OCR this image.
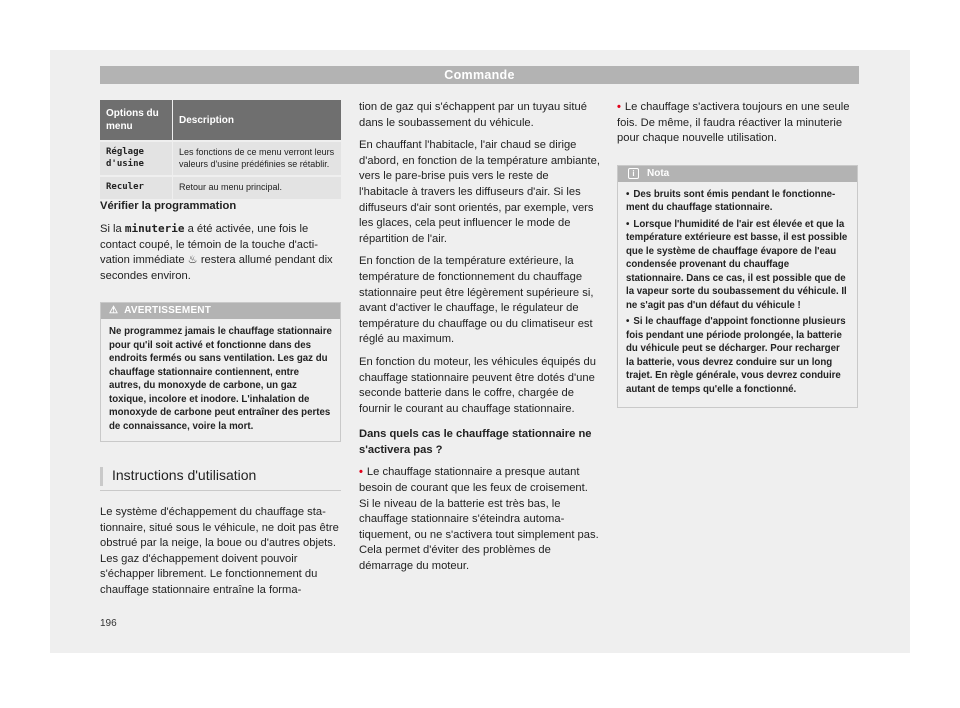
Commande
Options du menu	Description
Réglage d'usine	Les fonctions de ce menu verront leurs valeurs d'usine prédéfinies se rétablir.
Reculer	Retour au menu principal.

Vérifier la programmation

Si la minuterie a été activée, une fois le contact coupé, le témoin de la touche d'activation immédiate ♨ restera allumé pendant dix secondes environ.

⚠ AVERTISSEMENT
Ne programmez jamais le chauffage stationnaire pour qu'il soit activé et fonctionne dans des endroits fermés ou sans ventilation. Les gaz du chauffage stationnaire contiennent, entre autres, du monoxyde de carbone, un gaz toxique, incolore et inodore. L'inhalation de monoxyde de carbone peut entraîner des pertes de connaissance, voire la mort.
Instructions d'utilisation

Le système d'échappement du chauffage stationnaire, situé sous le véhicule, ne doit pas être obstrué par la neige, la boue ou d'autres objets. Les gaz d'échappement doivent pouvoir s'échapper librement. Le fonctionnement du chauffage stationnaire entraîne la forma-

tion de gaz qui s'échappent par un tuyau situé dans le soubassement du véhicule.

En chauffant l'habitacle, l'air chaud se dirige d'abord, en fonction de la température ambiante, vers le pare-brise puis vers le reste de l'habitacle à travers les diffuseurs d'air. Si les diffuseurs d'air sont orientés, par exemple, vers les glaces, cela peut influencer le mode de répartition de l'air.

En fonction de la température extérieure, la température de fonctionnement du chauffage stationnaire peut être légèrement supérieure si, avant d'activer le chauffage, le régulateur de température du chauffage ou du climatiseur est réglé au maximum.

En fonction du moteur, les véhicules équipés du chauffage stationnaire peuvent être dotés d'une seconde batterie dans le coffre, chargée de fournir le courant au chauffage stationnaire.

Dans quels cas le chauffage stationnaire ne s'activera pas ?

• Le chauffage stationnaire a presque autant besoin de courant que les feux de croisement. Si le niveau de la batterie est très bas, le chauffage stationnaire s'éteindra automatiquement, ou ne s'activera tout simplement pas. Cela permet d'éviter des problèmes de démarrage du moteur.

• Le chauffage s'activera toujours en une seule fois. De même, il faudra réactiver la minuterie pour chaque nouvelle utilisation.

i Nota

• Des bruits sont émis pendant le fonctionnement du chauffage stationnaire.

• Lorsque l'humidité de l'air est élevée et que la température extérieure est basse, il est possible que le système de chauffage évapore de l'eau condensée provenant du chauffage stationnaire. Dans ce cas, il est possible que de la vapeur sorte du soubassement du véhicule. Il ne s'agit pas d'un défaut du véhicule !

• Si le chauffage d'appoint fonctionne plusieurs fois pendant une période prolongée, la batterie du véhicule peut se décharger. Pour recharger la batterie, vous devrez conduire sur un long trajet. En règle générale, vous devrez conduire autant de temps qu'elle a fonctionné.

196
